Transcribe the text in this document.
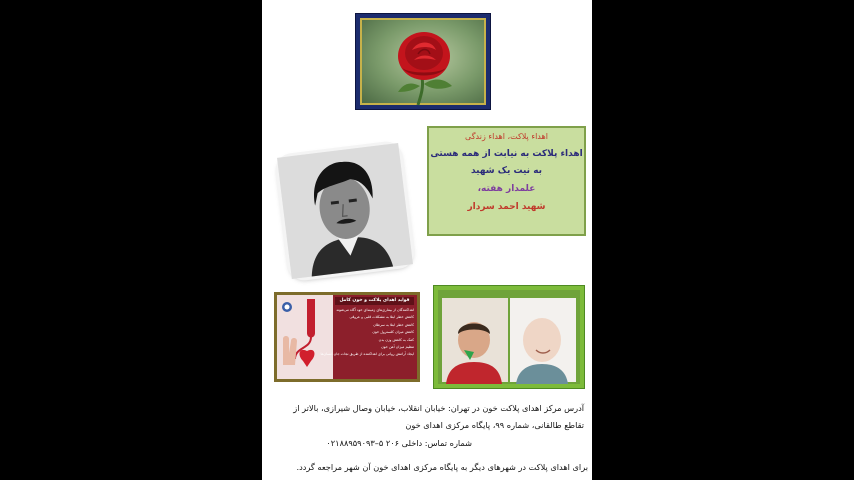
اهداء پلاکت، اهداء زندگی
اهداء پلاکت به نیابت از همه هستی
به نیت یک شهید
علمدار هفته،
شهید احمد سردار
فواید اهدای پلاکت و خون کامل
اهداکنندگان از بیماری‌های زمینه‌ای خود آگاه می‌شوند
کاهش خطر ابتلا به مشکلات قلبی و عروقی
کاهش خطر ابتلا به سرطان
کاهش میزان کلسترول خون
کمک به کاهش وزن بدن
تنظیم میزان آهن خون
ایجاد آرامش روانی برای اهداکننده از طریق نجات جان انسان‌ها
آدرس مرکز اهدای پلاکت خون در تهران: خیابان انقلاب، خیابان وصال شیرازی، بالاتر از تقاطع طالقانی، شماره ۹۹، پایگاه مرکزی اهدای خون
شماره تماس: داخلی ۲۰۶ ۵–۰۲۱۸۸۹۵۹۰۹۳
برای اهدای پلاکت در شهرهای دیگر به پایگاه مرکزی اهدای خون آن شهر مراجعه گردد.
